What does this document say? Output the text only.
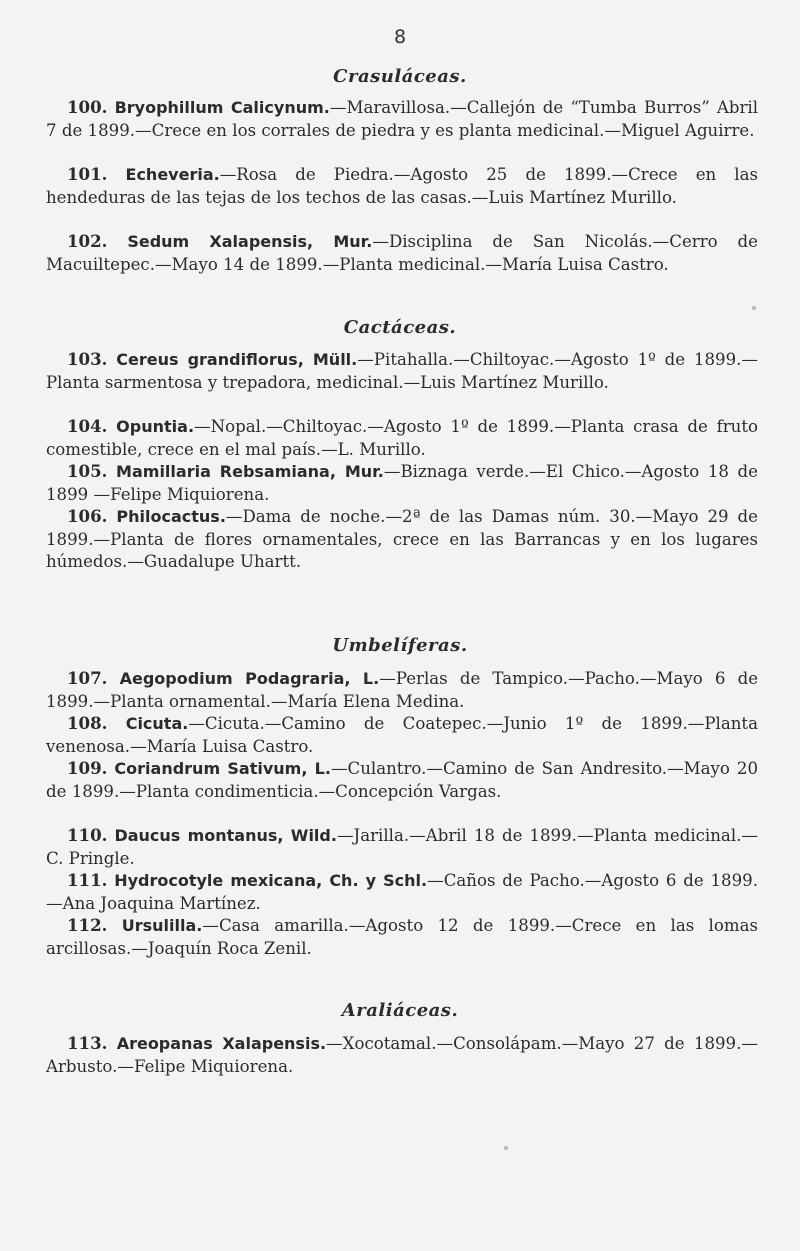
8
Crasuláceas.
100. Bryophillum Calicynum.—Maravillosa.—Callejón de “Tumba Burros” Abril 7 de 1899.—Crece en los corrales de piedra y es planta medicinal.—Miguel Aguirre.
101. Echeveria.—Rosa de Piedra.—Agosto 25 de 1899.—Crece en las hendeduras de las tejas de los techos de las casas.—Luis Martínez Murillo.
102. Sedum Xalapensis, Mur.—Disciplina de San Nicolás.—Cerro de Macuiltepec.—Mayo 14 de 1899.—Planta medicinal.—María Luisa Castro.
Cactáceas.
103. Cereus grandiflorus, Müll.—Pitahalla.—Chiltoyac.—Agosto 1º de 1899.—Planta sarmentosa y trepadora, medicinal.—Luis Martínez Murillo.
104. Opuntia.—Nopal.—Chiltoyac.—Agosto 1º de 1899.—Planta crasa de fruto comestible, crece en el mal país.—L. Murillo.
105. Mamillaria Rebsamiana, Mur.—Biznaga verde.—El Chico.—Agosto 18 de 1899 —Felipe Miquiorena.
106. Philocactus.—Dama de noche.—2ª de las Damas núm. 30.—Mayo 29 de 1899.—Planta de flores ornamentales, crece en las Barrancas y en los lugares húmedos.—Guadalupe Uhartt.
Umbelíferas.
107. Aegopodium Podagraria, L.—Perlas de Tampico.—Pacho.—Mayo 6 de 1899.—Planta ornamental.—María Elena Medina.
108. Cicuta.—Cicuta.—Camino de Coatepec.—Junio 1º de 1899.—Planta venenosa.—María Luisa Castro.
109. Coriandrum Sativum, L.—Culantro.—Camino de San Andresito.—Mayo 20 de 1899.—Planta condimenticia.—Concepción Vargas.
110. Daucus montanus, Wild.—Jarilla.—Abril 18 de 1899.—Planta medicinal.—C. Pringle.
111. Hydrocotyle mexicana, Ch. y Schl.—Caños de Pacho.—Agosto 6 de 1899.—Ana Joaquina Martínez.
112. Ursulilla.—Casa amarilla.—Agosto 12 de 1899.—Crece en las lomas arcillosas.—Joaquín Roca Zenil.
Araliáceas.
113. Areopanas Xalapensis.—Xocotamal.—Consolápam.—Mayo 27 de 1899.—Arbusto.—Felipe Miquiorena.
